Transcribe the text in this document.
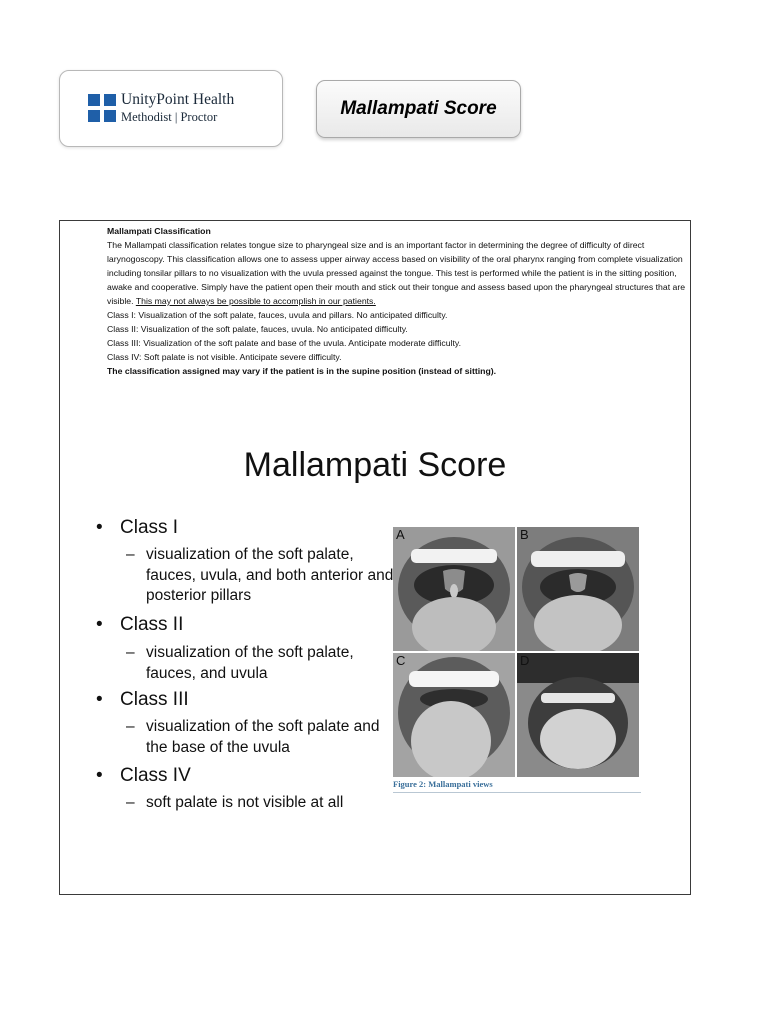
UnityPoint Health
Methodist | Proctor	Mallampati Score
Mallampati Classification
The Mallampati classification relates tongue size to pharyngeal size and is an important factor in determining the degree of difficulty of direct larynogoscopy. This classification allows one to assess upper airway access based on visibility of the oral pharynx ranging from complete visualization including tonsilar pillars to no visualization with the uvula pressed against the tongue. This test is performed while the patient is in the sitting position, awake and cooperative. Simply have the patient open their mouth and stick out their tongue and assess based upon the pharyngeal structures that are visible. This may not always be possible to accomplish in our patients.
Class I: Visualization of the soft palate, fauces, uvula and pillars. No anticipated difficulty.
Class II: Visualization of the soft palate, fauces, uvula. No anticipated difficulty.
Class III: Visualization of the soft palate and base of the uvula. Anticipate moderate difficulty.
Class IV: Soft palate is not visible. Anticipate severe difficulty.
The classification assigned may vary if the patient is in the supine position (instead of sitting).
Mallampati Score
• Class I
– visualization of the soft palate, fauces, uvula, and both anterior and posterior pillars
• Class II
– visualization of the soft palate, fauces, and uvula
• Class III
– visualization of the soft palate and the base of the uvula
• Class IV
– soft palate is not visible at all
A	B
C	D
Figure 2: Mallampati views
